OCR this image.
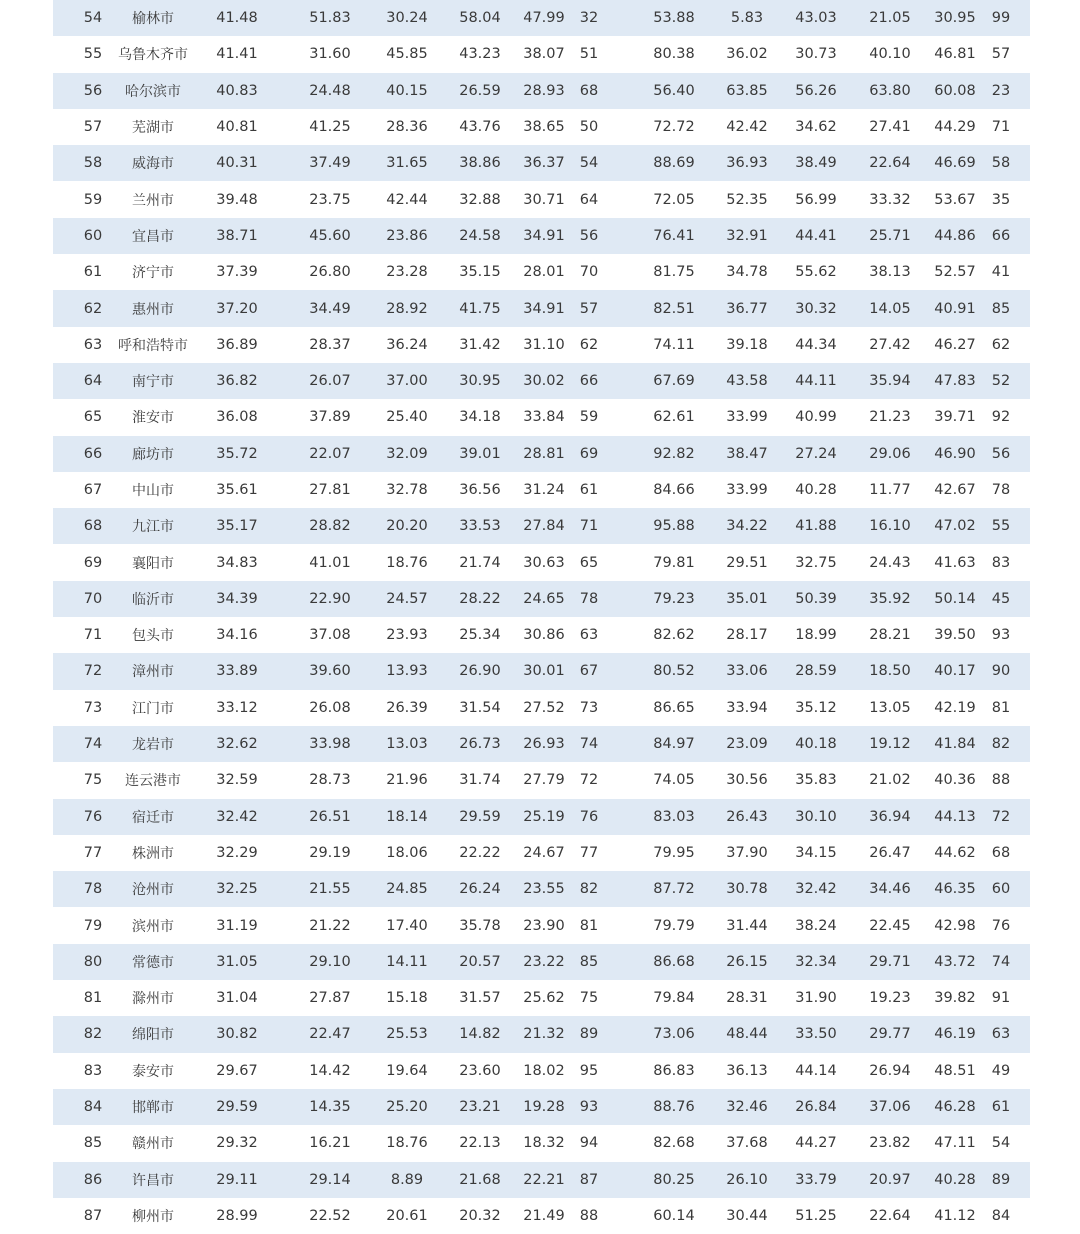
54	榆林市	41.48	51.83	30.24	58.04	47.99	32	53.88	5.83	43.03	21.05	30.95	99
55	乌鲁木齐市	41.41	31.60	45.85	43.23	38.07	51	80.38	36.02	30.73	40.10	46.81	57
56	哈尔滨市	40.83	24.48	40.15	26.59	28.93	68	56.40	63.85	56.26	63.80	60.08	23
57	芜湖市	40.81	41.25	28.36	43.76	38.65	50	72.72	42.42	34.62	27.41	44.29	71
58	威海市	40.31	37.49	31.65	38.86	36.37	54	88.69	36.93	38.49	22.64	46.69	58
59	兰州市	39.48	23.75	42.44	32.88	30.71	64	72.05	52.35	56.99	33.32	53.67	35
60	宜昌市	38.71	45.60	23.86	24.58	34.91	56	76.41	32.91	44.41	25.71	44.86	66
61	济宁市	37.39	26.80	23.28	35.15	28.01	70	81.75	34.78	55.62	38.13	52.57	41
62	惠州市	37.20	34.49	28.92	41.75	34.91	57	82.51	36.77	30.32	14.05	40.91	85
63	呼和浩特市	36.89	28.37	36.24	31.42	31.10	62	74.11	39.18	44.34	27.42	46.27	62
64	南宁市	36.82	26.07	37.00	30.95	30.02	66	67.69	43.58	44.11	35.94	47.83	52
65	淮安市	36.08	37.89	25.40	34.18	33.84	59	62.61	33.99	40.99	21.23	39.71	92
66	廊坊市	35.72	22.07	32.09	39.01	28.81	69	92.82	38.47	27.24	29.06	46.90	56
67	中山市	35.61	27.81	32.78	36.56	31.24	61	84.66	33.99	40.28	11.77	42.67	78
68	九江市	35.17	28.82	20.20	33.53	27.84	71	95.88	34.22	41.88	16.10	47.02	55
69	襄阳市	34.83	41.01	18.76	21.74	30.63	65	79.81	29.51	32.75	24.43	41.63	83
70	临沂市	34.39	22.90	24.57	28.22	24.65	78	79.23	35.01	50.39	35.92	50.14	45
71	包头市	34.16	37.08	23.93	25.34	30.86	63	82.62	28.17	18.99	28.21	39.50	93
72	漳州市	33.89	39.60	13.93	26.90	30.01	67	80.52	33.06	28.59	18.50	40.17	90
73	江门市	33.12	26.08	26.39	31.54	27.52	73	86.65	33.94	35.12	13.05	42.19	81
74	龙岩市	32.62	33.98	13.03	26.73	26.93	74	84.97	23.09	40.18	19.12	41.84	82
75	连云港市	32.59	28.73	21.96	31.74	27.79	72	74.05	30.56	35.83	21.02	40.36	88
76	宿迁市	32.42	26.51	18.14	29.59	25.19	76	83.03	26.43	30.10	36.94	44.13	72
77	株洲市	32.29	29.19	18.06	22.22	24.67	77	79.95	37.90	34.15	26.47	44.62	68
78	沧州市	32.25	21.55	24.85	26.24	23.55	82	87.72	30.78	32.42	34.46	46.35	60
79	滨州市	31.19	21.22	17.40	35.78	23.90	81	79.79	31.44	38.24	22.45	42.98	76
80	常德市	31.05	29.10	14.11	20.57	23.22	85	86.68	26.15	32.34	29.71	43.72	74
81	滁州市	31.04	27.87	15.18	31.57	25.62	75	79.84	28.31	31.90	19.23	39.82	91
82	绵阳市	30.82	22.47	25.53	14.82	21.32	89	73.06	48.44	33.50	29.77	46.19	63
83	泰安市	29.67	14.42	19.64	23.60	18.02	95	86.83	36.13	44.14	26.94	48.51	49
84	邯郸市	29.59	14.35	25.20	23.21	19.28	93	88.76	32.46	26.84	37.06	46.28	61
85	赣州市	29.32	16.21	18.76	22.13	18.32	94	82.68	37.68	44.27	23.82	47.11	54
86	许昌市	29.11	29.14	8.89	21.68	22.21	87	80.25	26.10	33.79	20.97	40.28	89
87	柳州市	28.99	22.52	20.61	20.32	21.49	88	60.14	30.44	51.25	22.64	41.12	84
